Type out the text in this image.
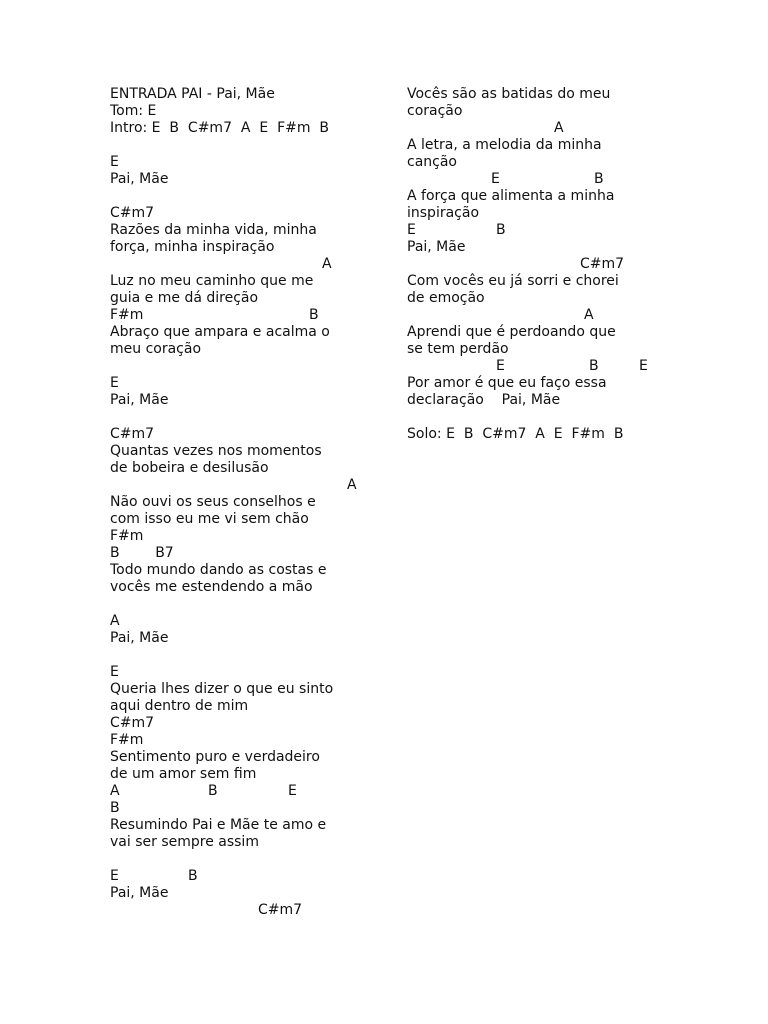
ENTRADA PAI - Pai, Mãe
Tom: E
Intro: E  B  C#m7  A  E  F#m  B
E
Pai, Mãe
C#m7
Razões da minha vida, minha
força, minha inspiração
A
Luz no meu caminho que me
guia e me dá direção
F#m	B
Abraço que ampara e acalma o
meu coração
E
Pai, Mãe
C#m7
Quantas vezes nos momentos
de bobeira e desilusão
A
Não ouvi os seus conselhos e
com isso eu me vi sem chão
F#m
B        B7
Todo mundo dando as costas e
vocês me estendendo a mão
A
Pai, Mãe
E
Queria lhes dizer o que eu sinto
aqui dentro de mim
C#m7
F#m
Sentimento puro e verdadeiro
de um amor sem fim
A	B	E
B
Resumindo Pai e Mãe te amo e
vai ser sempre assim
E	B
Pai, Mãe
C#m7
Vocês são as batidas do meu
coração
A
A letra, a melodia da minha
canção
E	B
A força que alimenta a minha
inspiração
E	B
Pai, Mãe
C#m7
Com vocês eu já sorri e chorei
de emoção
A
Aprendi que é perdoando que
se tem perdão
E	B	E
Por amor é que eu faço essa
declaração    Pai, Mãe
Solo: E  B  C#m7  A  E  F#m  B
